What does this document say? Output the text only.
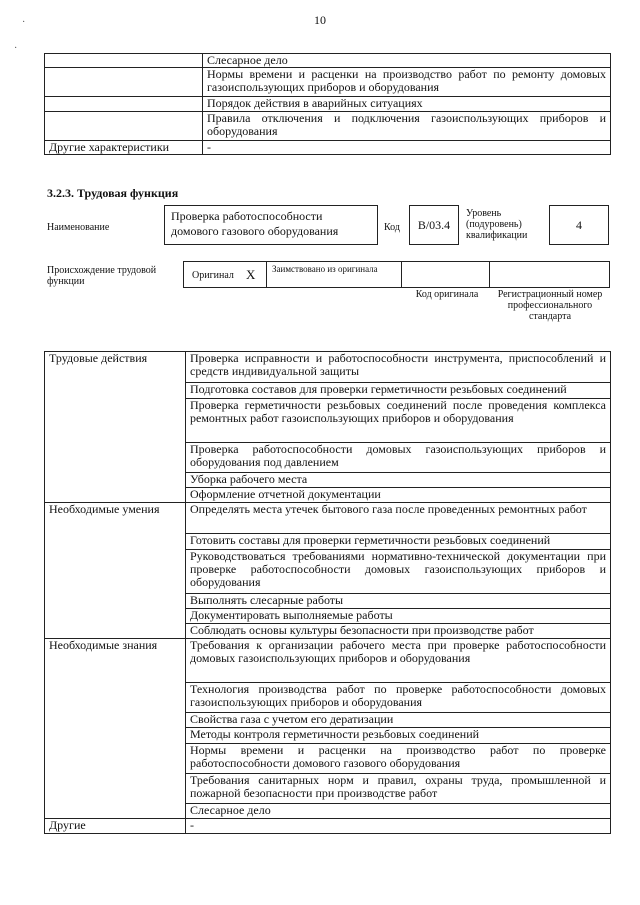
10
·
·
	Слесарное дело
	Нормы времени и расценки на производство работ по ремонту домовых газоиспользующих приборов и оборудования
	Порядок действия в аварийных ситуациях
	Правила отключения и подключения газоиспользующих приборов и оборудования
Другие характеристики	-
3.2.3. Трудовая функция
Наименование
Проверка работоспособности домового газового оборудования	Код	В/03.4
Уровень (подуровень) квалификации
4
Происхождение трудовой функции
Оригинал Х Заимствовано из оригинала
Код оригинала	Регистрационный номер профессионального стандарта
Трудовые действия	Проверка исправности и работоспособности инструмента, приспособлений и средств индивидуальной защиты
	Подготовка составов для проверки герметичности резьбовых соединений
	Проверка герметичности резьбовых соединений после проведения комплекса ремонтных работ газоиспользующих приборов и оборудования
	Проверка работоспособности домовых газоиспользующих приборов и оборудования под давлением
	Уборка рабочего места
	Оформление отчетной документации
Необходимые умения	Определять места утечек бытового газа после проведенных ремонтных работ
	Готовить составы для проверки герметичности резьбовых соединений
	Руководствоваться требованиями нормативно-технической документации при проверке работоспособности домовых газоиспользующих приборов и оборудования
	Выполнять слесарные работы
	Документировать выполняемые работы
	Соблюдать основы культуры безопасности при производстве работ
Необходимые знания	Требования к организации рабочего места при проверке работоспособности домовых газоиспользующих приборов и оборудования
	Технология производства работ по проверке работоспособности домовых газоиспользующих приборов и оборудования
	Свойства газа с учетом его дератизации
	Методы контроля герметичности резьбовых соединений
	Нормы времени и расценки на производство работ по проверке работоспособности домового газового оборудования
	Требования санитарных норм и правил, охраны труда, промышленной и пожарной безопасности при производстве работ
	Слесарное дело
Другие	-
